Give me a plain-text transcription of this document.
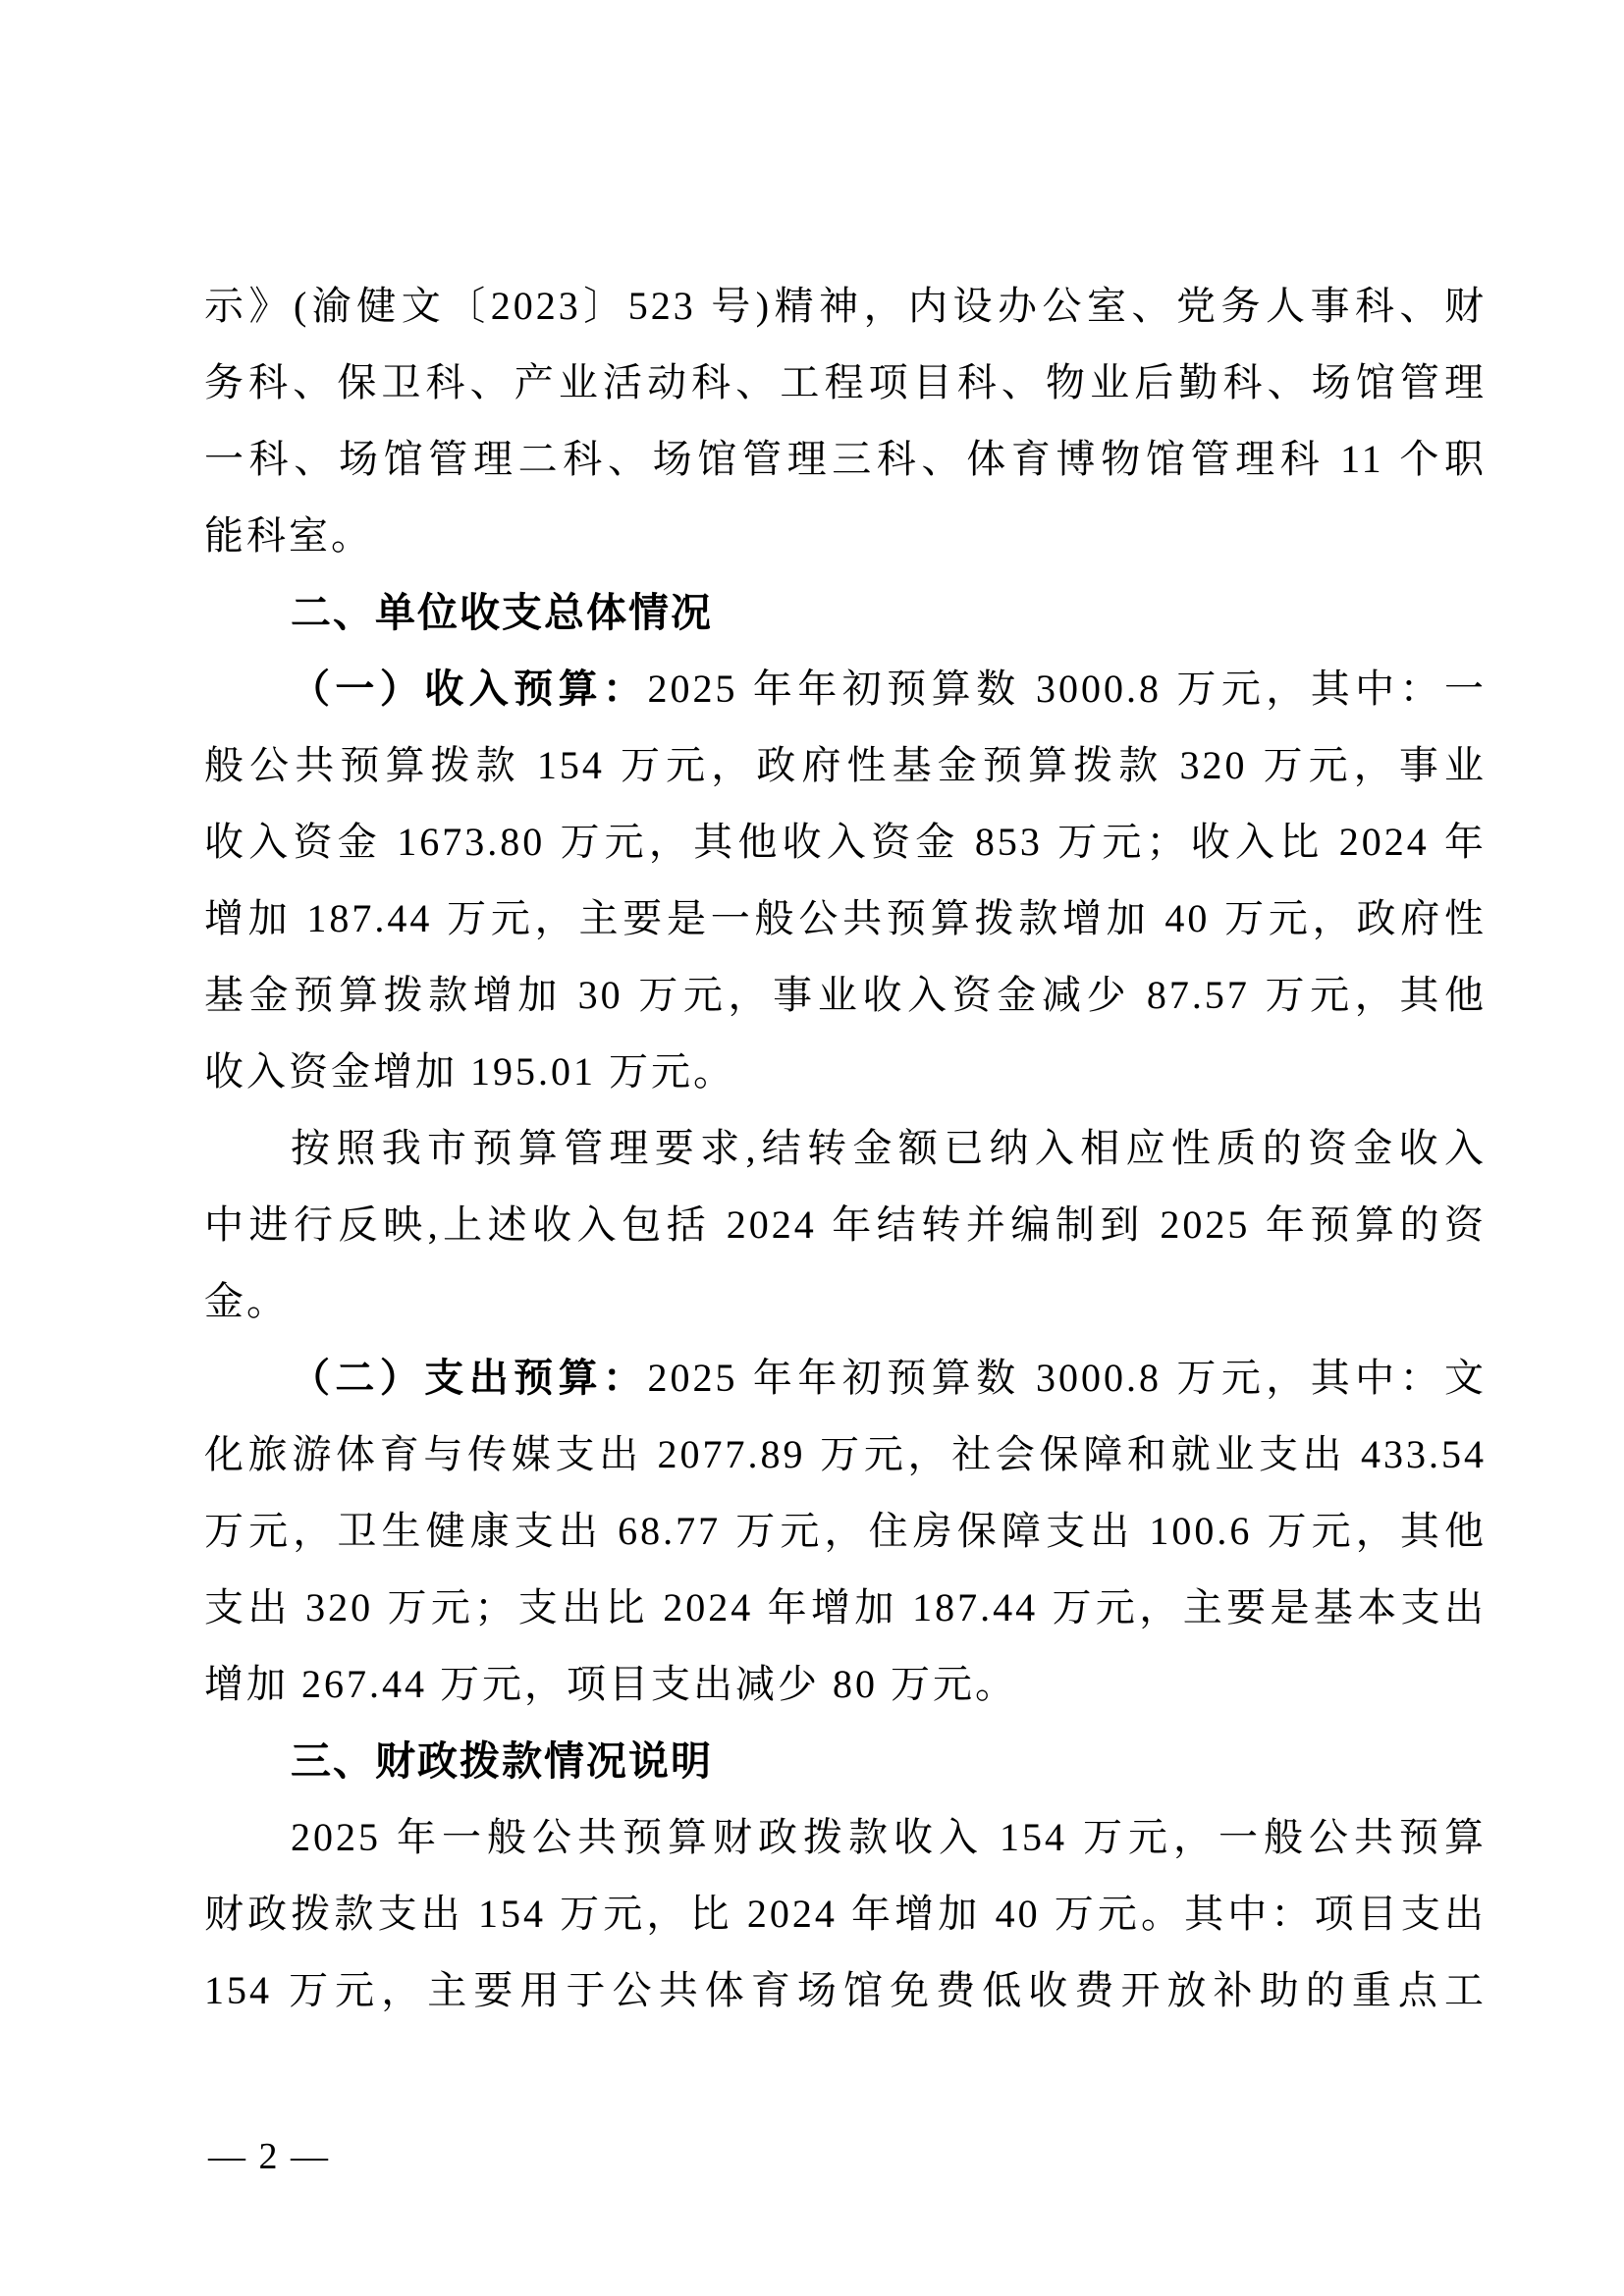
示》(渝健文〔2023〕523 号)精神，内设办公室、党务人事科、财
务科、保卫科、产业活动科、工程项目科、物业后勤科、场馆管理
一科、场馆管理二科、场馆管理三科、体育博物馆管理科 11 个职
能科室。
二、单位收支总体情况
（一）收入预算：2025 年年初预算数 3000.8 万元，其中：一
般公共预算拨款 154 万元，政府性基金预算拨款 320 万元，事业
收入资金 1673.80 万元，其他收入资金 853 万元；收入比 2024 年
增加 187.44 万元，主要是一般公共预算拨款增加 40 万元，政府性
基金预算拨款增加 30 万元，事业收入资金减少 87.57 万元，其他
收入资金增加 195.01 万元。
按照我市预算管理要求,结转金额已纳入相应性质的资金收入
中进行反映,上述收入包括 2024 年结转并编制到 2025 年预算的资
金。
（二）支出预算：2025 年年初预算数 3000.8 万元，其中：文
化旅游体育与传媒支出 2077.89 万元，社会保障和就业支出 433.54
万元，卫生健康支出 68.77 万元，住房保障支出 100.6 万元，其他
支出 320 万元；支出比 2024 年增加 187.44 万元，主要是基本支出
增加 267.44 万元，项目支出减少 80 万元。
三、财政拨款情况说明
2025 年一般公共预算财政拨款收入 154 万元，一般公共预算
财政拨款支出 154 万元，比 2024 年增加 40 万元。其中：项目支出
154 万元，主要用于公共体育场馆免费低收费开放补助的重点工
— 2 —
